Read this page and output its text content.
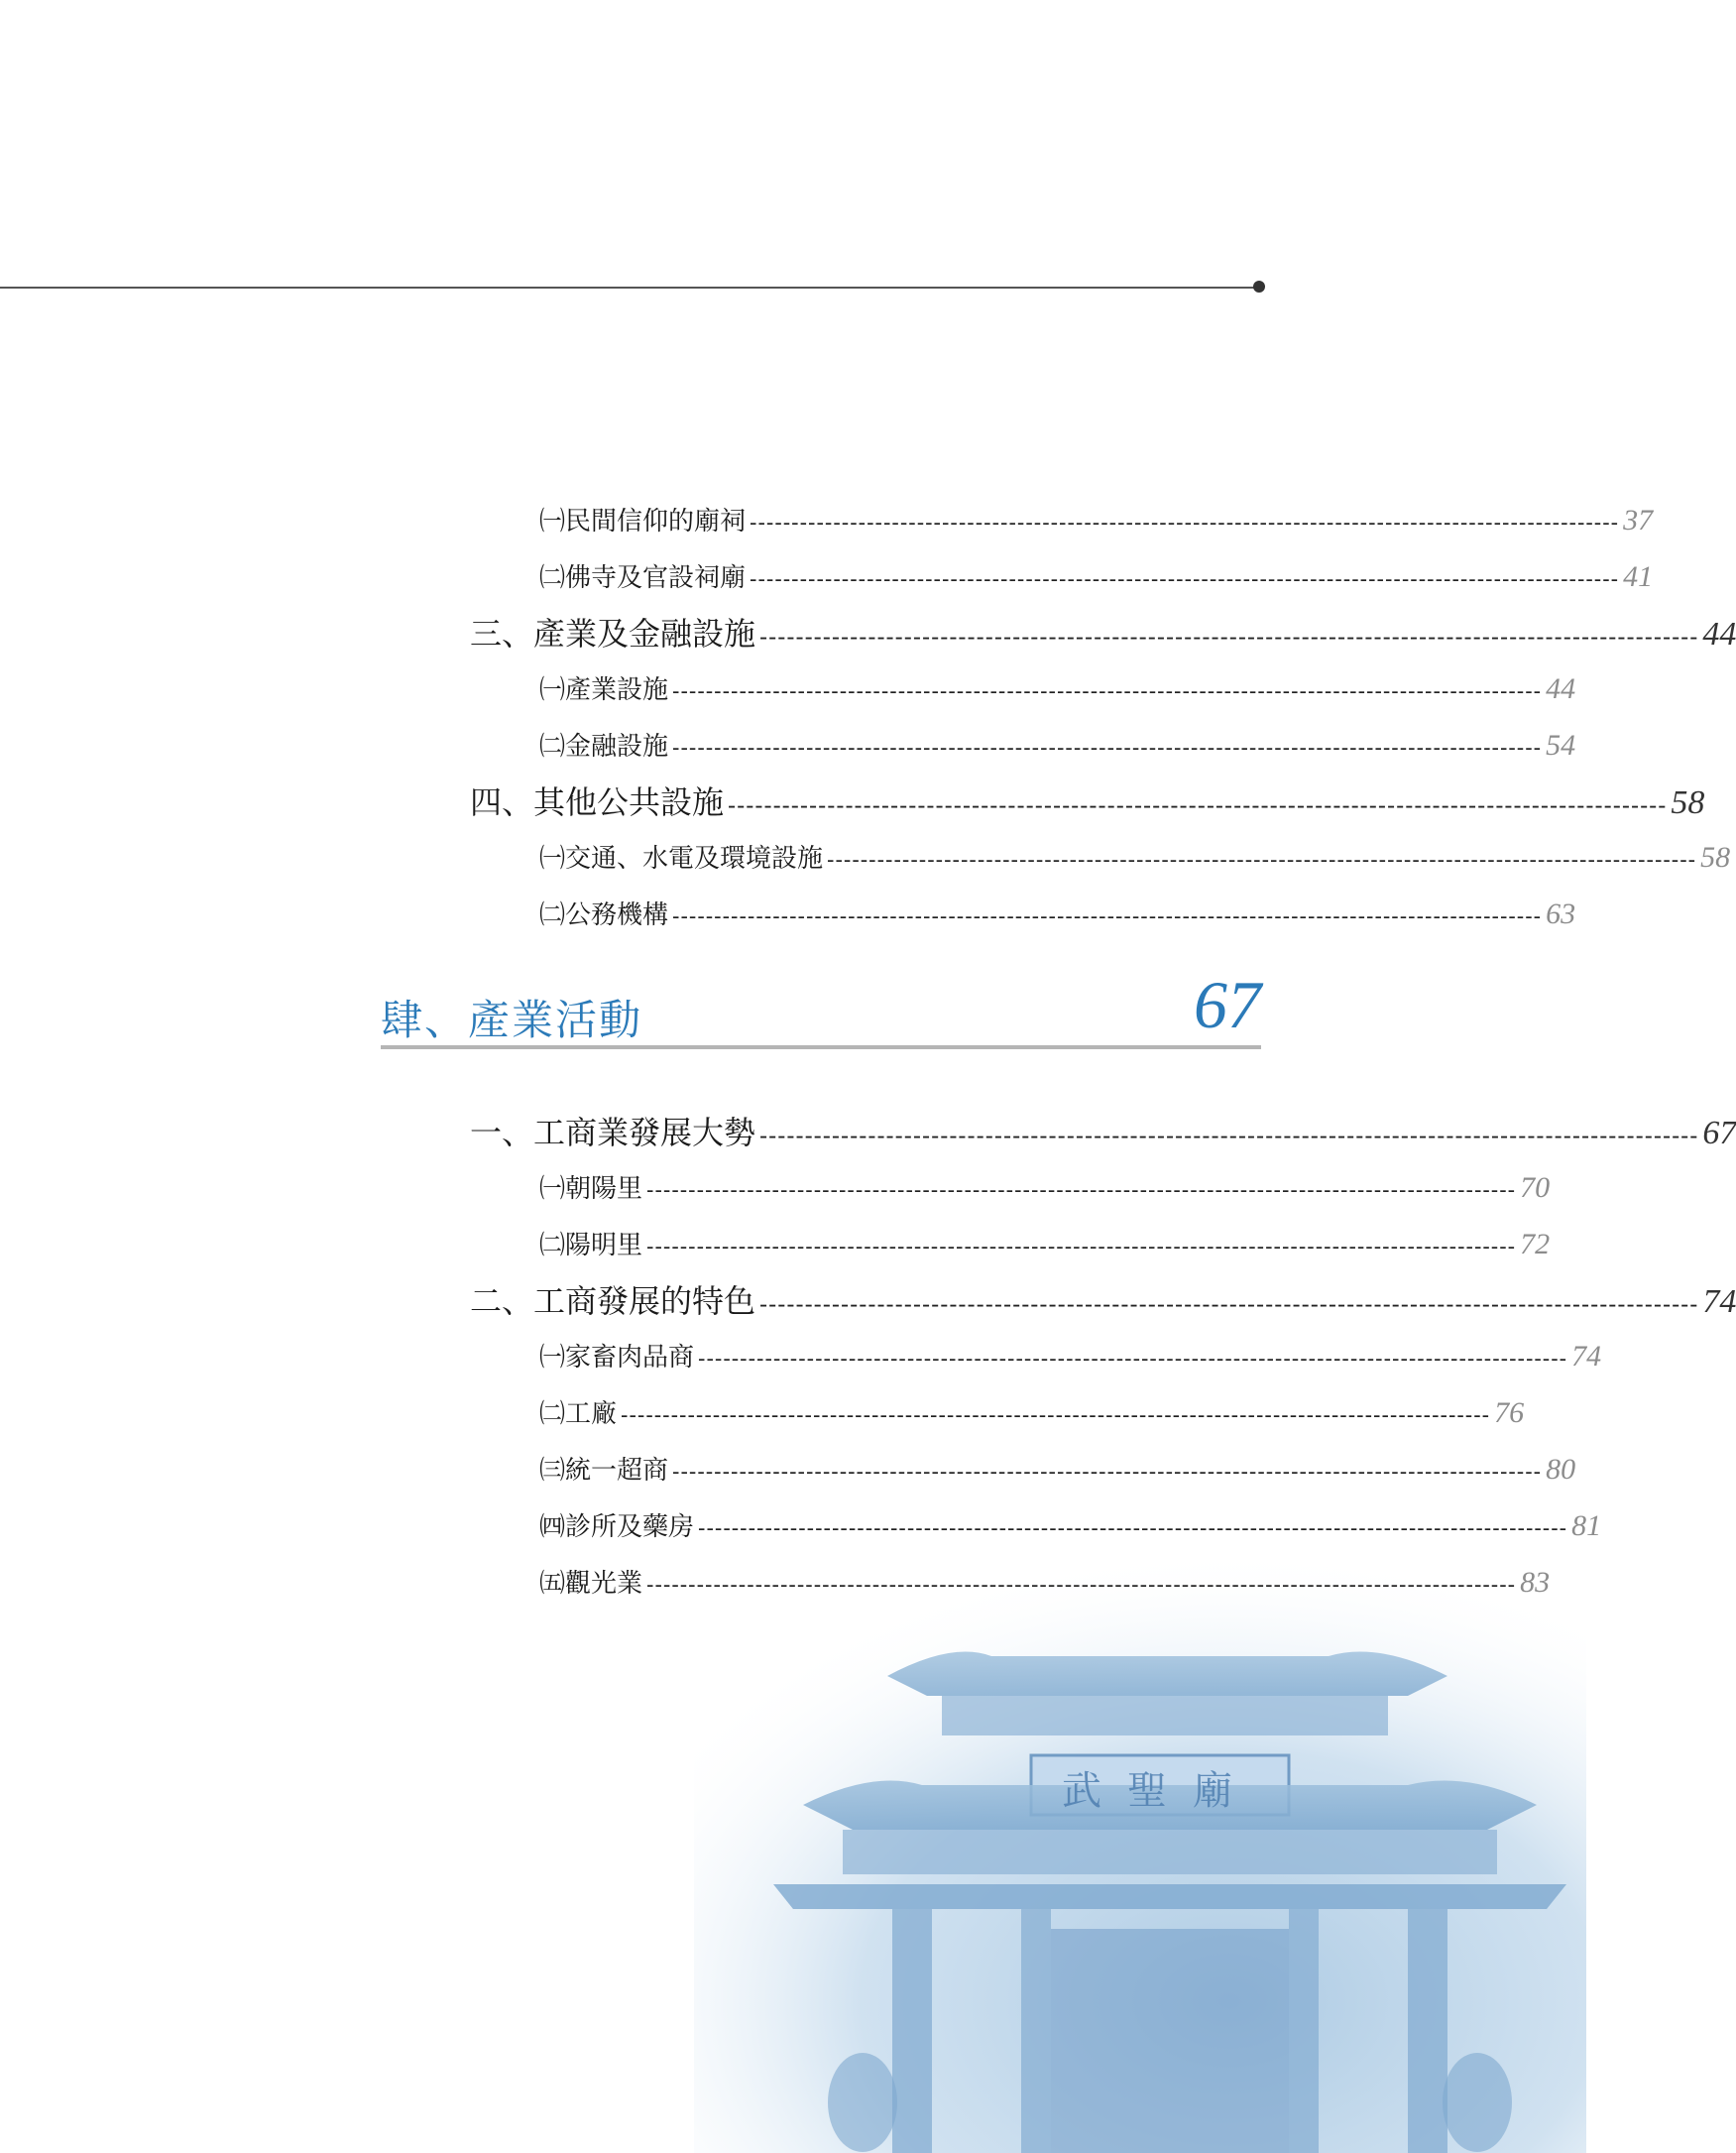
武聖廟
㈠民間信仰的廟祠 -------------------------------------------------------------------------------------------------------- 37
㈡佛寺及官設祠廟 -------------------------------------------------------------------------------------------------------- 41
三、產業及金融設施 -------------------------------------------------------------------------------------------------------- 44
㈠產業設施 -------------------------------------------------------------------------------------------------------- 44
㈡金融設施 -------------------------------------------------------------------------------------------------------- 54
四、其他公共設施 -------------------------------------------------------------------------------------------------------- 58
㈠交通、水電及環境設施 -------------------------------------------------------------------------------------------------------- 58
㈡公務機構 -------------------------------------------------------------------------------------------------------- 63
肆、產業活動	67
一、工商業發展大勢 -------------------------------------------------------------------------------------------------------- 67
㈠朝陽里 -------------------------------------------------------------------------------------------------------- 70
㈡陽明里 -------------------------------------------------------------------------------------------------------- 72
二、工商發展的特色 -------------------------------------------------------------------------------------------------------- 74
㈠家畜肉品商 -------------------------------------------------------------------------------------------------------- 74
㈡工廠 -------------------------------------------------------------------------------------------------------- 76
㈢統一超商 -------------------------------------------------------------------------------------------------------- 80
㈣診所及藥房 -------------------------------------------------------------------------------------------------------- 81
㈤觀光業 -------------------------------------------------------------------------------------------------------- 83
